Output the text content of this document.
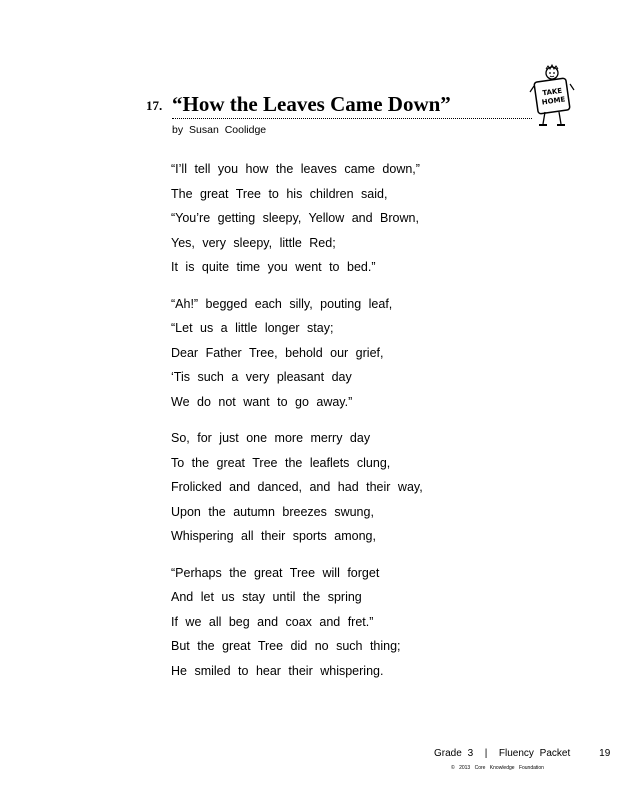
17. “How the Leaves Came Down”
by Susan Coolidge
TAKE HOME
“I’ll tell you how the leaves came down,”
The great Tree to his children said,
“You’re getting sleepy, Yellow and Brown,
Yes, very sleepy, little Red;
It is quite time you went to bed.”
“Ah!” begged each silly, pouting leaf,
“Let us a little longer stay;
Dear Father Tree, behold our grief,
‘Tis such a very pleasant day
We do not want to go away.”
So, for just one more merry day
To the great Tree the leaflets clung,
Frolicked and danced, and had their way,
Upon the autumn breezes swung,
Whispering all their sports among,
“Perhaps the great Tree will forget
And let us stay until the spring
If we all beg and coax and fret.”
But the great Tree did no such thing;
He smiled to hear their whispering.
Grade 3 | Fluency Packet	19
© 2013 Core Knowledge Foundation
